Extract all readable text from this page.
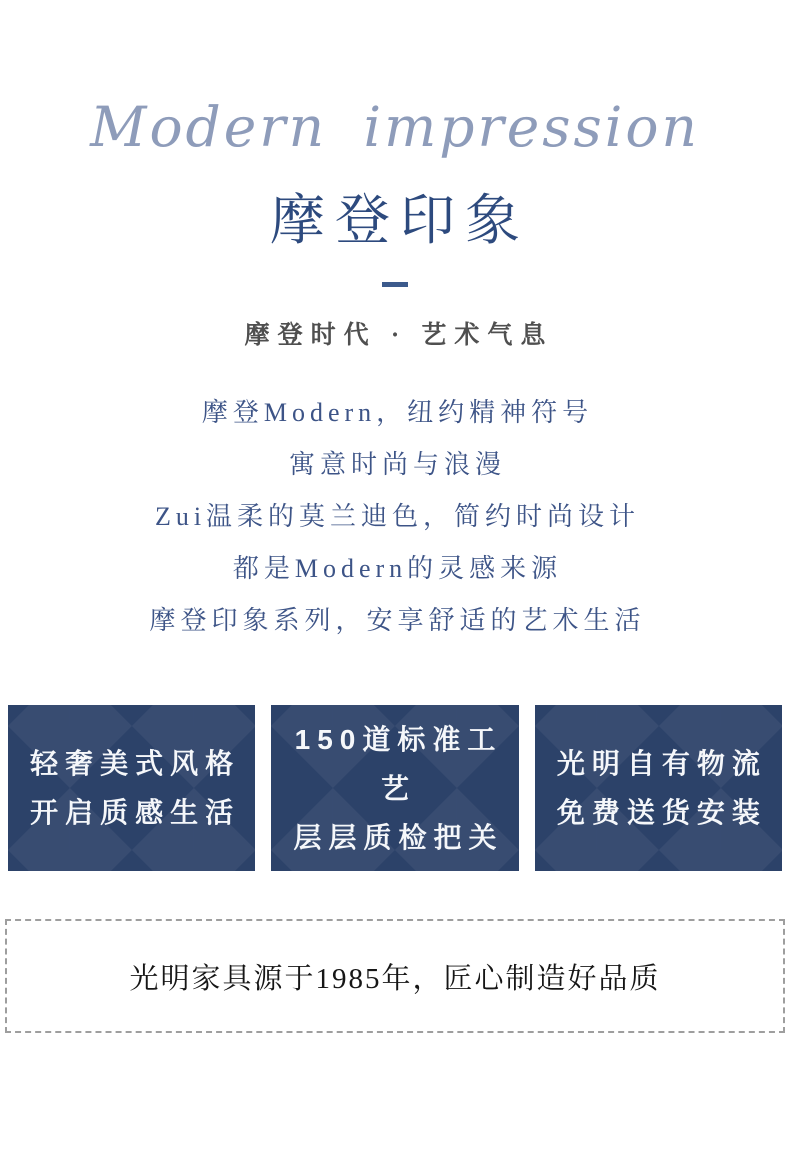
Modern impression
摩登印象
摩登时代 · 艺术气息

摩登Modern，纽约精神符号

寓意时尚与浪漫

Zui温柔的莫兰迪色，简约时尚设计

都是Modern的灵感来源

摩登印象系列，安享舒适的艺术生活

轻奢美式风格

开启质感生活

150道标准工艺

层层质检把关

光明自有物流

免费送货安装

光明家具源于1985年，匠心制造好品质
